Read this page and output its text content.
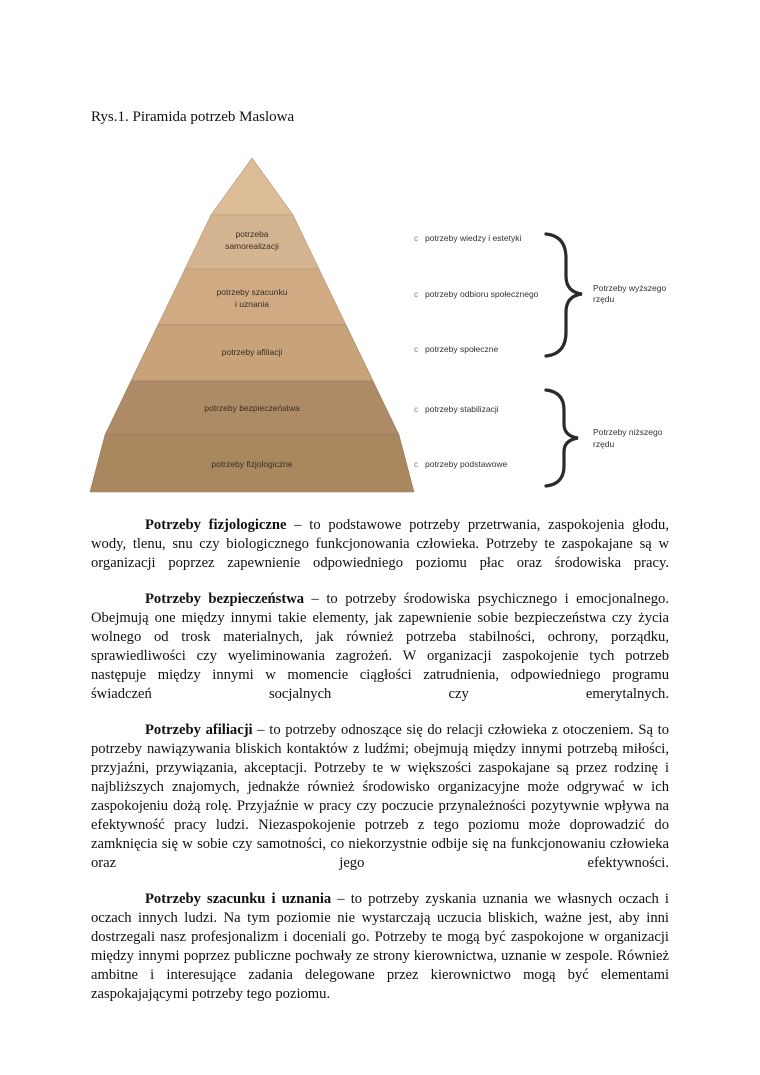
Rys.1. Piramida potrzeb Maslowa
potrzeba
samorealizacji
potrzeby szacunku
i uznania
potrzeby afiliacji
potrzeby bezpieczeństwa
potrzeby fizjologiczne
c potrzeby wiedzy i estetyki
c potrzeby odbioru społecznego
c potrzeby społeczne
c potrzeby stabilizacji
c potrzeby podstawowe
Potrzeby wyższego
rzędu
Potrzeby niższego
rzędu

Potrzeby fizjologiczne – to podstawowe potrzeby przetrwania, zaspokojenia głodu, wody, tlenu, snu czy biologicznego funkcjonowania człowieka. Potrzeby te zaspokajane są w organizacji poprzez zapewnienie odpowiedniego poziomu płac oraz środowiska pracy.

Potrzeby bezpieczeństwa – to potrzeby środowiska psychicznego i emocjonalnego. Obejmują one między innymi takie elementy, jak zapewnienie sobie bezpieczeństwa czy życia wolnego od trosk materialnych, jak również potrzeba stabilności, ochrony, porządku, sprawiedliwości czy wyeliminowania zagrożeń. W organizacji zaspokojenie tych potrzeb następuje między innymi w momencie ciągłości zatrudnienia, odpowiedniego programu świadczeń socjalnych czy emerytalnych.

Potrzeby afiliacji – to potrzeby odnoszące się do relacji człowieka z otoczeniem. Są to potrzeby nawiązywania bliskich kontaktów z ludźmi; obejmują między innymi potrzebą miłości, przyjaźni, przywiązania, akceptacji. Potrzeby te w większości zaspokajane są przez rodzinę i najbliższych znajomych, jednakże również środowisko organizacyjne może odgrywać w ich zaspokojeniu dożą rolę. Przyjaźnie w pracy czy poczucie przynależności pozytywnie wpływa na efektywność pracy ludzi. Niezaspokojenie potrzeb z tego poziomu może doprowadzić do zamknięcia się w sobie czy samotności, co niekorzystnie odbije się na funkcjonowaniu człowieka oraz jego efektywności.

Potrzeby szacunku i uznania – to potrzeby zyskania uznania we własnych oczach i oczach innych ludzi. Na tym poziomie nie wystarczają uczucia bliskich, ważne jest, aby inni dostrzegali nasz profesjonalizm i doceniali go. Potrzeby te mogą być zaspokojone w organizacji między innymi poprzez publiczne pochwały ze strony kierownictwa, uznanie w zespole. Również ambitne i interesujące zadania delegowane przez kierownictwo mogą być elementami zaspokajającymi potrzeby tego poziomu.
